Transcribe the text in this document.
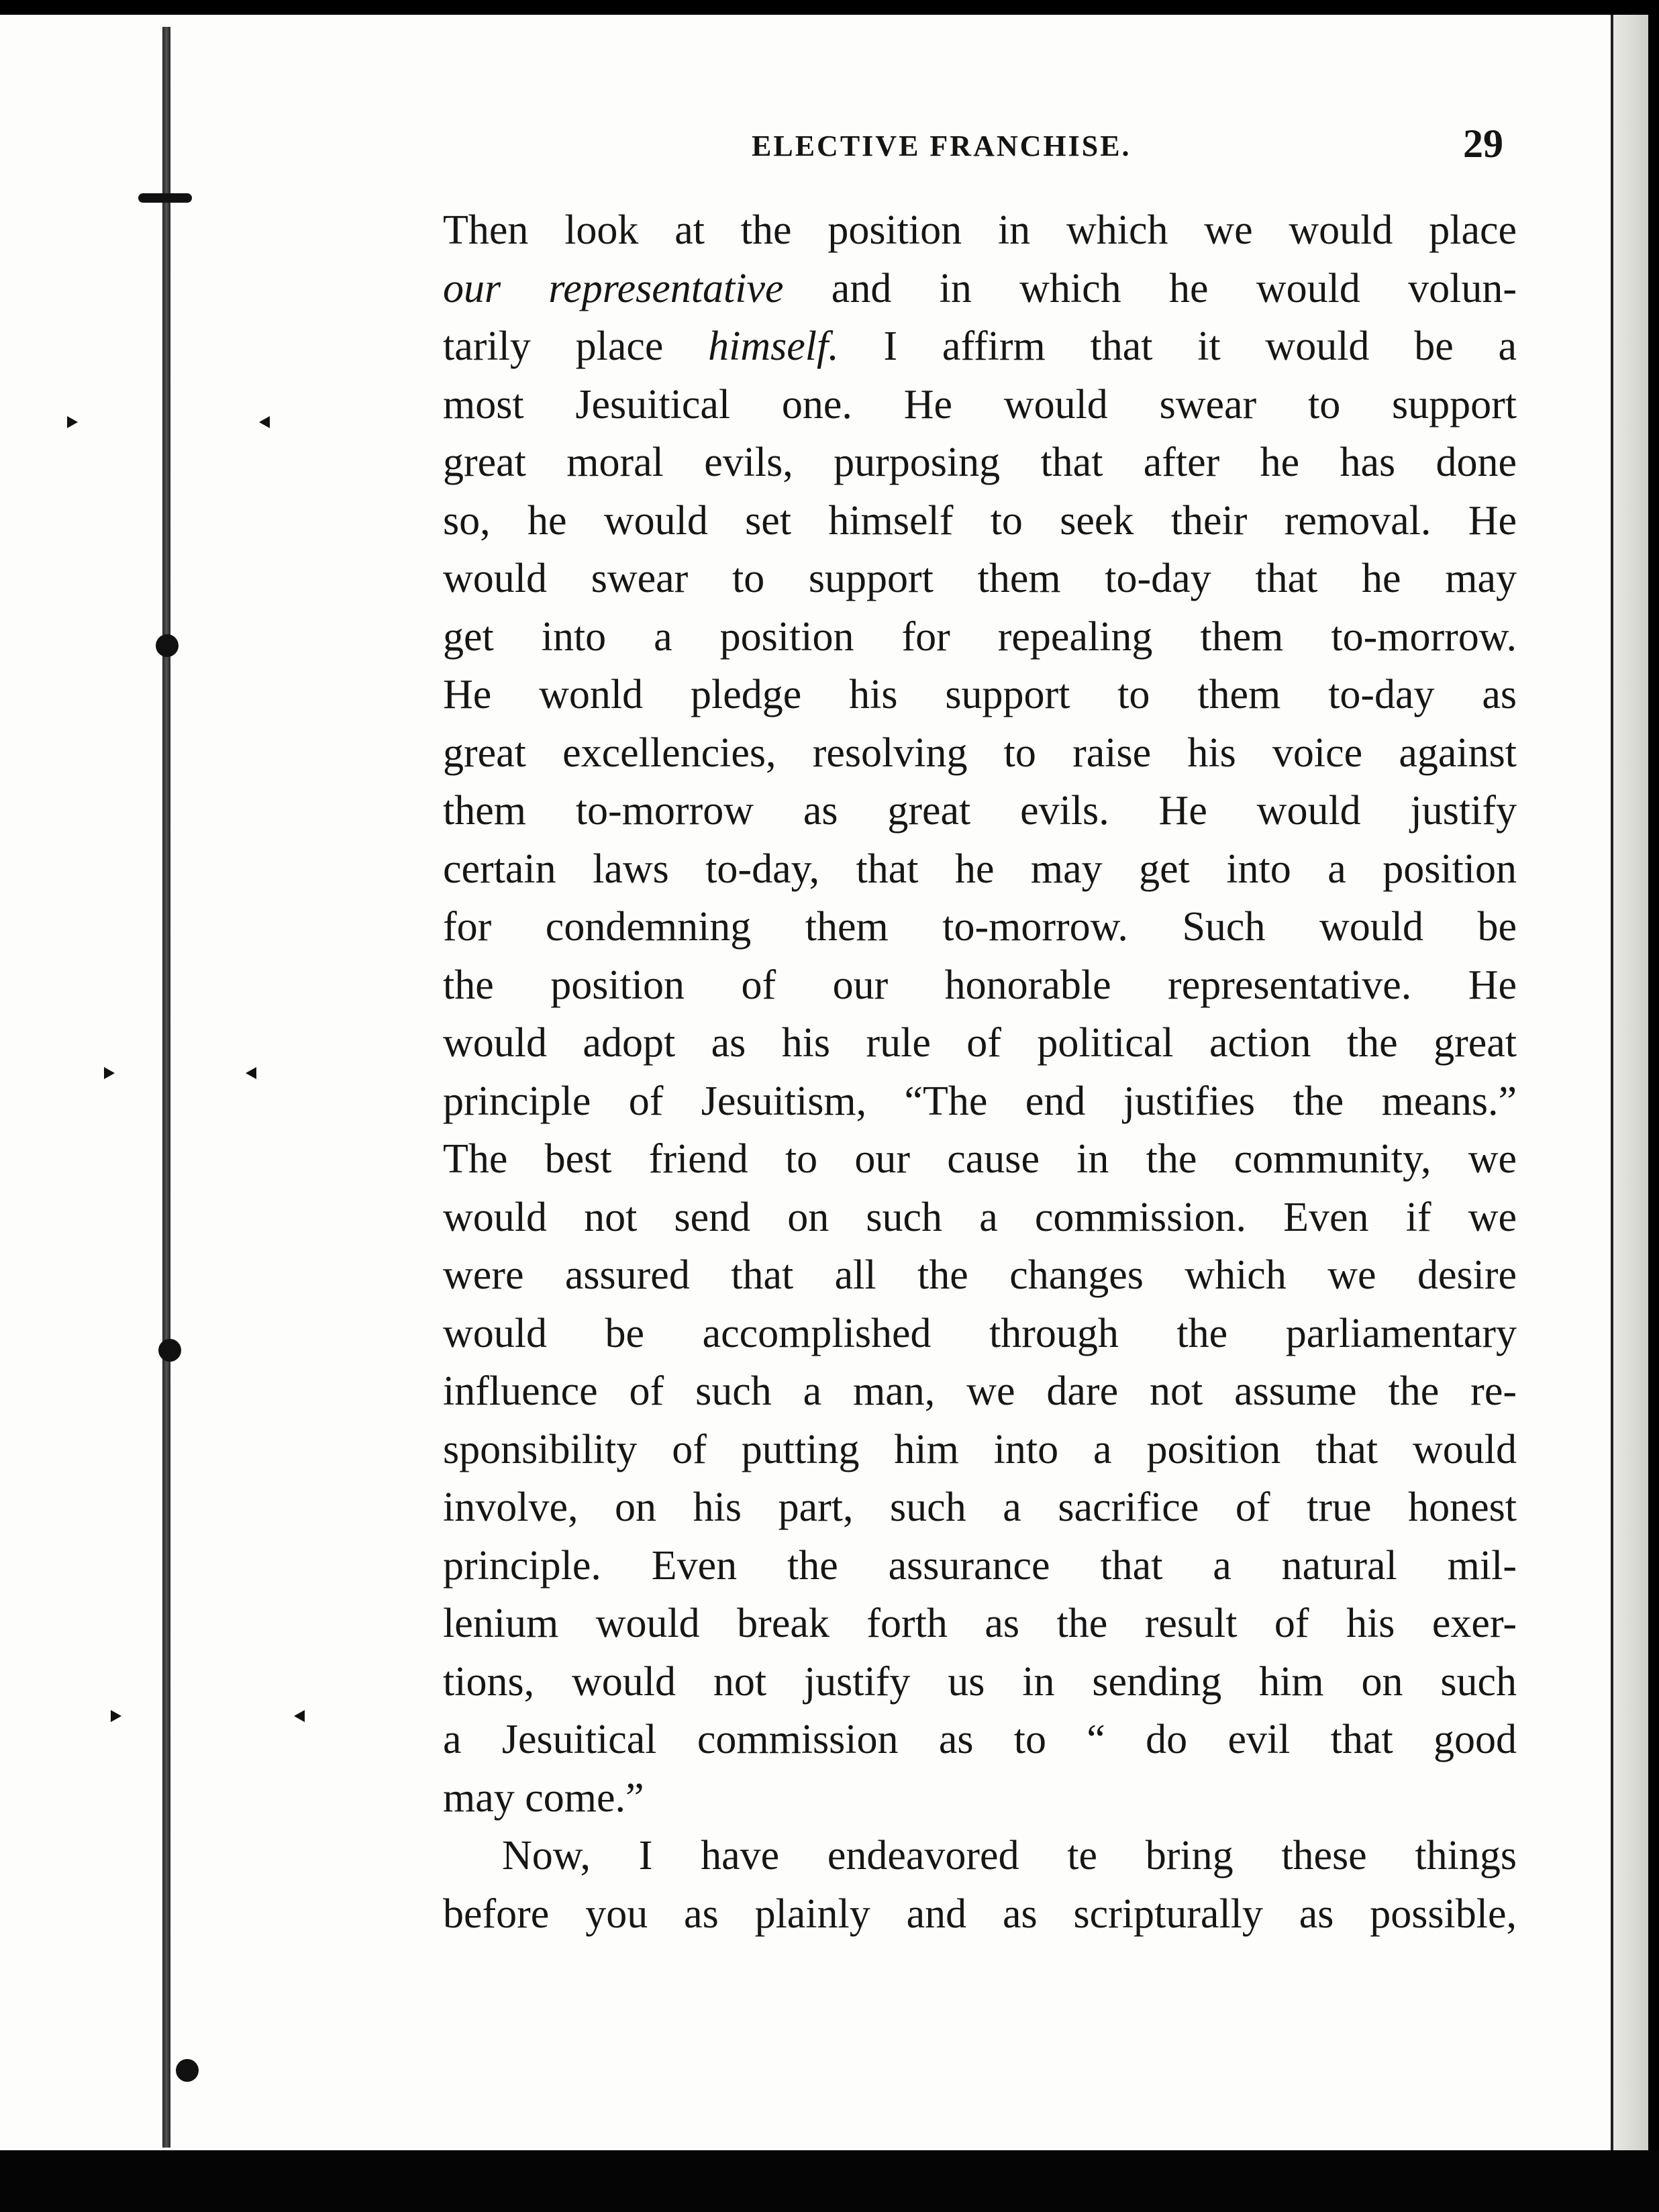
ELECTIVE FRANCHISE.	29
Then look at the position in which we would place
our representative and in which he would volun-
tarily place himself. I affirm that it would be a
most Jesuitical one. He would swear to support
great moral evils, purposing that after he has done
so, he would set himself to seek their removal. He
would swear to support them to-day that he may
get into a position for repealing them to-morrow.
He wonld pledge his support to them to-day as
great excellencies, resolving to raise his voice against
them to-morrow as great evils. He would justify
certain laws to-day, that he may get into a position
for condemning them to-morrow. Such would be
the position of our honorable representative. He
would adopt as his rule of political action the great
principle of Jesuitism, “The end justifies the means.”
The best friend to our cause in the community, we
would not send on such a commission. Even if we
were assured that all the changes which we desire
would be accomplished through the parliamentary
influence of such a man, we dare not assume the re-
sponsibility of putting him into a position that would
involve, on his part, such a sacrifice of true honest
principle. Even the assurance that a natural mil-
lenium would break forth as the result of his exer-
tions, would not justify us in sending him on such
a Jesuitical commission as to “ do evil that good
may come.”
Now, I have endeavored te bring these things
before you as plainly and as scripturally as possible,
